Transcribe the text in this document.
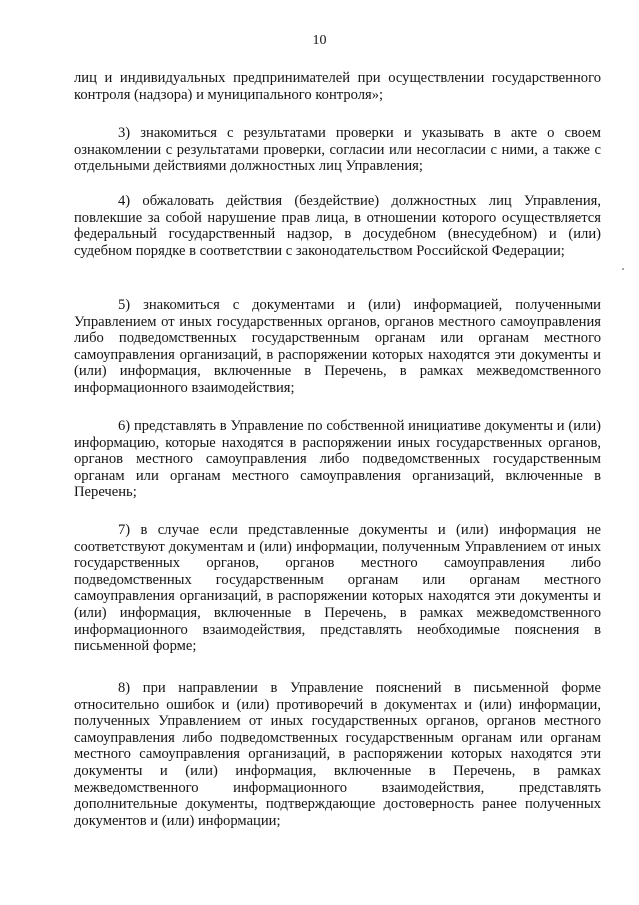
10

лиц и индивидуальных предпринимателей при осуществлении государственного контроля (надзора) и муниципального контроля»;

3) знакомиться с результатами проверки и указывать в акте о своем ознакомлении с результатами проверки, согласии или несогласии с ними, а также с отдельными действиями должностных лиц Управления;

4) обжаловать действия (бездействие) должностных лиц Управления, повлекшие за собой нарушение прав лица, в отношении которого осуществляется федеральный государственный надзор, в досудебном (внесудебном) и (или) судебном порядке в соответствии с законодательством Российской Федерации;

5) знакомиться с документами и (или) информацией, полученными Управлением от иных государственных органов, органов местного самоуправления либо подведомственных государственным органам или органам местного самоуправления организаций, в распоряжении которых находятся эти документы и (или) информация, включенные в Перечень, в рамках межведомственного информационного взаимодействия;

6) представлять в Управление по собственной инициативе документы и (или) информацию, которые находятся в распоряжении иных государственных органов, органов местного самоуправления либо подведомственных государственным органам или органам местного самоуправления организаций, включенные в Перечень;

7) в случае если представленные документы и (или) информация не соответствуют документам и (или) информации, полученным Управлением от иных государственных органов, органов местного самоуправления либо подведомственных государственным органам или органам местного самоуправления организаций, в распоряжении которых находятся эти документы и (или) информация, включенные в Перечень, в рамках межведомственного информационного взаимодействия, представлять необходимые пояснения в письменной форме;

8) при направлении в Управление пояснений в письменной форме относительно ошибок и (или) противоречий в документах и (или) информации, полученных Управлением от иных государственных органов, органов местного самоуправления либо подведомственных государственным органам или органам местного самоуправления организаций, в распоряжении которых находятся эти документы и (или) информация, включенные в Перечень, в рамках межведомственного информационного взаимодействия, представлять дополнительные документы, подтверждающие достоверность ранее полученных документов и (или) информации;
